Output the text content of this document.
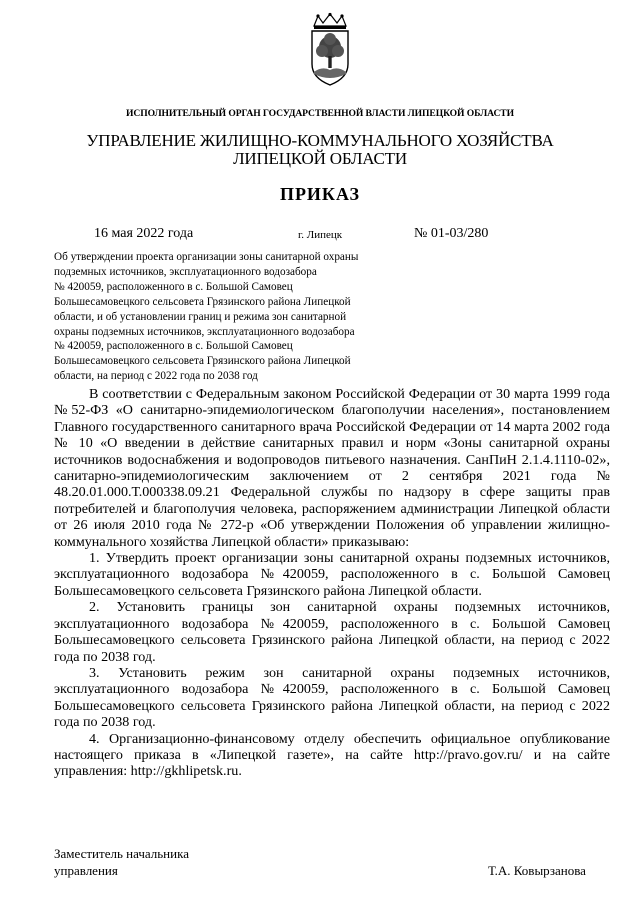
ИСПОЛНИТЕЛЬНЫЙ ОРГАН ГОСУДАРСТВЕННОЙ ВЛАСТИ ЛИПЕЦКОЙ ОБЛАСТИ
УПРАВЛЕНИЕ ЖИЛИЩНО-КОММУНАЛЬНОГО ХОЗЯЙСТВА
ЛИПЕЦКОЙ ОБЛАСТИ
ПРИКАЗ
16 мая 2022 года	г. Липецк	№ 01-03/280
Об утверждении проекта организации зоны санитарной охраны
подземных источников, эксплуатационного водозабора
№ 420059, расположенного в с. Большой Самовец
Большесамовецкого сельсовета Грязинского района Липецкой
области, и об установлении границ и режима зон санитарной
охраны подземных источников, эксплуатационного водозабора
№ 420059, расположенного в с. Большой Самовец
Большесамовецкого сельсовета Грязинского района Липецкой
области, на период с 2022 года по 2038 год

В соответствии с Федеральным законом Российской Федерации от 30 марта 1999 года №52-ФЗ «О санитарно-эпидемиологическом благополучии населения», постановлением Главного государственного санитарного врача Российской Федерации от 14 марта 2002 года № 10 «О введении в действие санитарных правил и норм «Зоны санитарной охраны источников водоснабжения и водопроводов питьевого назначения. СанПиН 2.1.4.1110-02», санитарно-эпидемиологическим заключением от 2 сентября 2021 года № 48.20.01.000.Т.000338.09.21 Федеральной службы по надзору в сфере защиты прав потребителей и благополучия человека, распоряжением администрации Липецкой области от 26 июля 2010 года № 272-р «Об утверждении Положения об управлении жилищно-коммунального хозяйства Липецкой области» приказываю:

1. Утвердить проект организации зоны санитарной охраны подземных источников, эксплуатационного водозабора №420059, расположенного в с. Большой Самовец Большесамовецкого сельсовета Грязинского района Липецкой области.

2. Установить границы зон санитарной охраны подземных источников, эксплуатационного водозабора №420059, расположенного в с. Большой Самовец Большесамовецкого сельсовета Грязинского района Липецкой области, на период с 2022 года по 2038 год.

3. Установить режим зон санитарной охраны подземных источников, эксплуатационного водозабора №420059, расположенного в с. Большой Самовец Большесамовецкого сельсовета Грязинского района Липецкой области, на период с 2022 года по 2038 год.

4. Организационно-финансовому отделу обеспечить официальное опубликование настоящего приказа в «Липецкой газете», на сайте http://pravo.gov.ru/ и на сайте управления: http://gkhlipetsk.ru.

Заместитель начальника
управления	Т.А. Ковырзанова
